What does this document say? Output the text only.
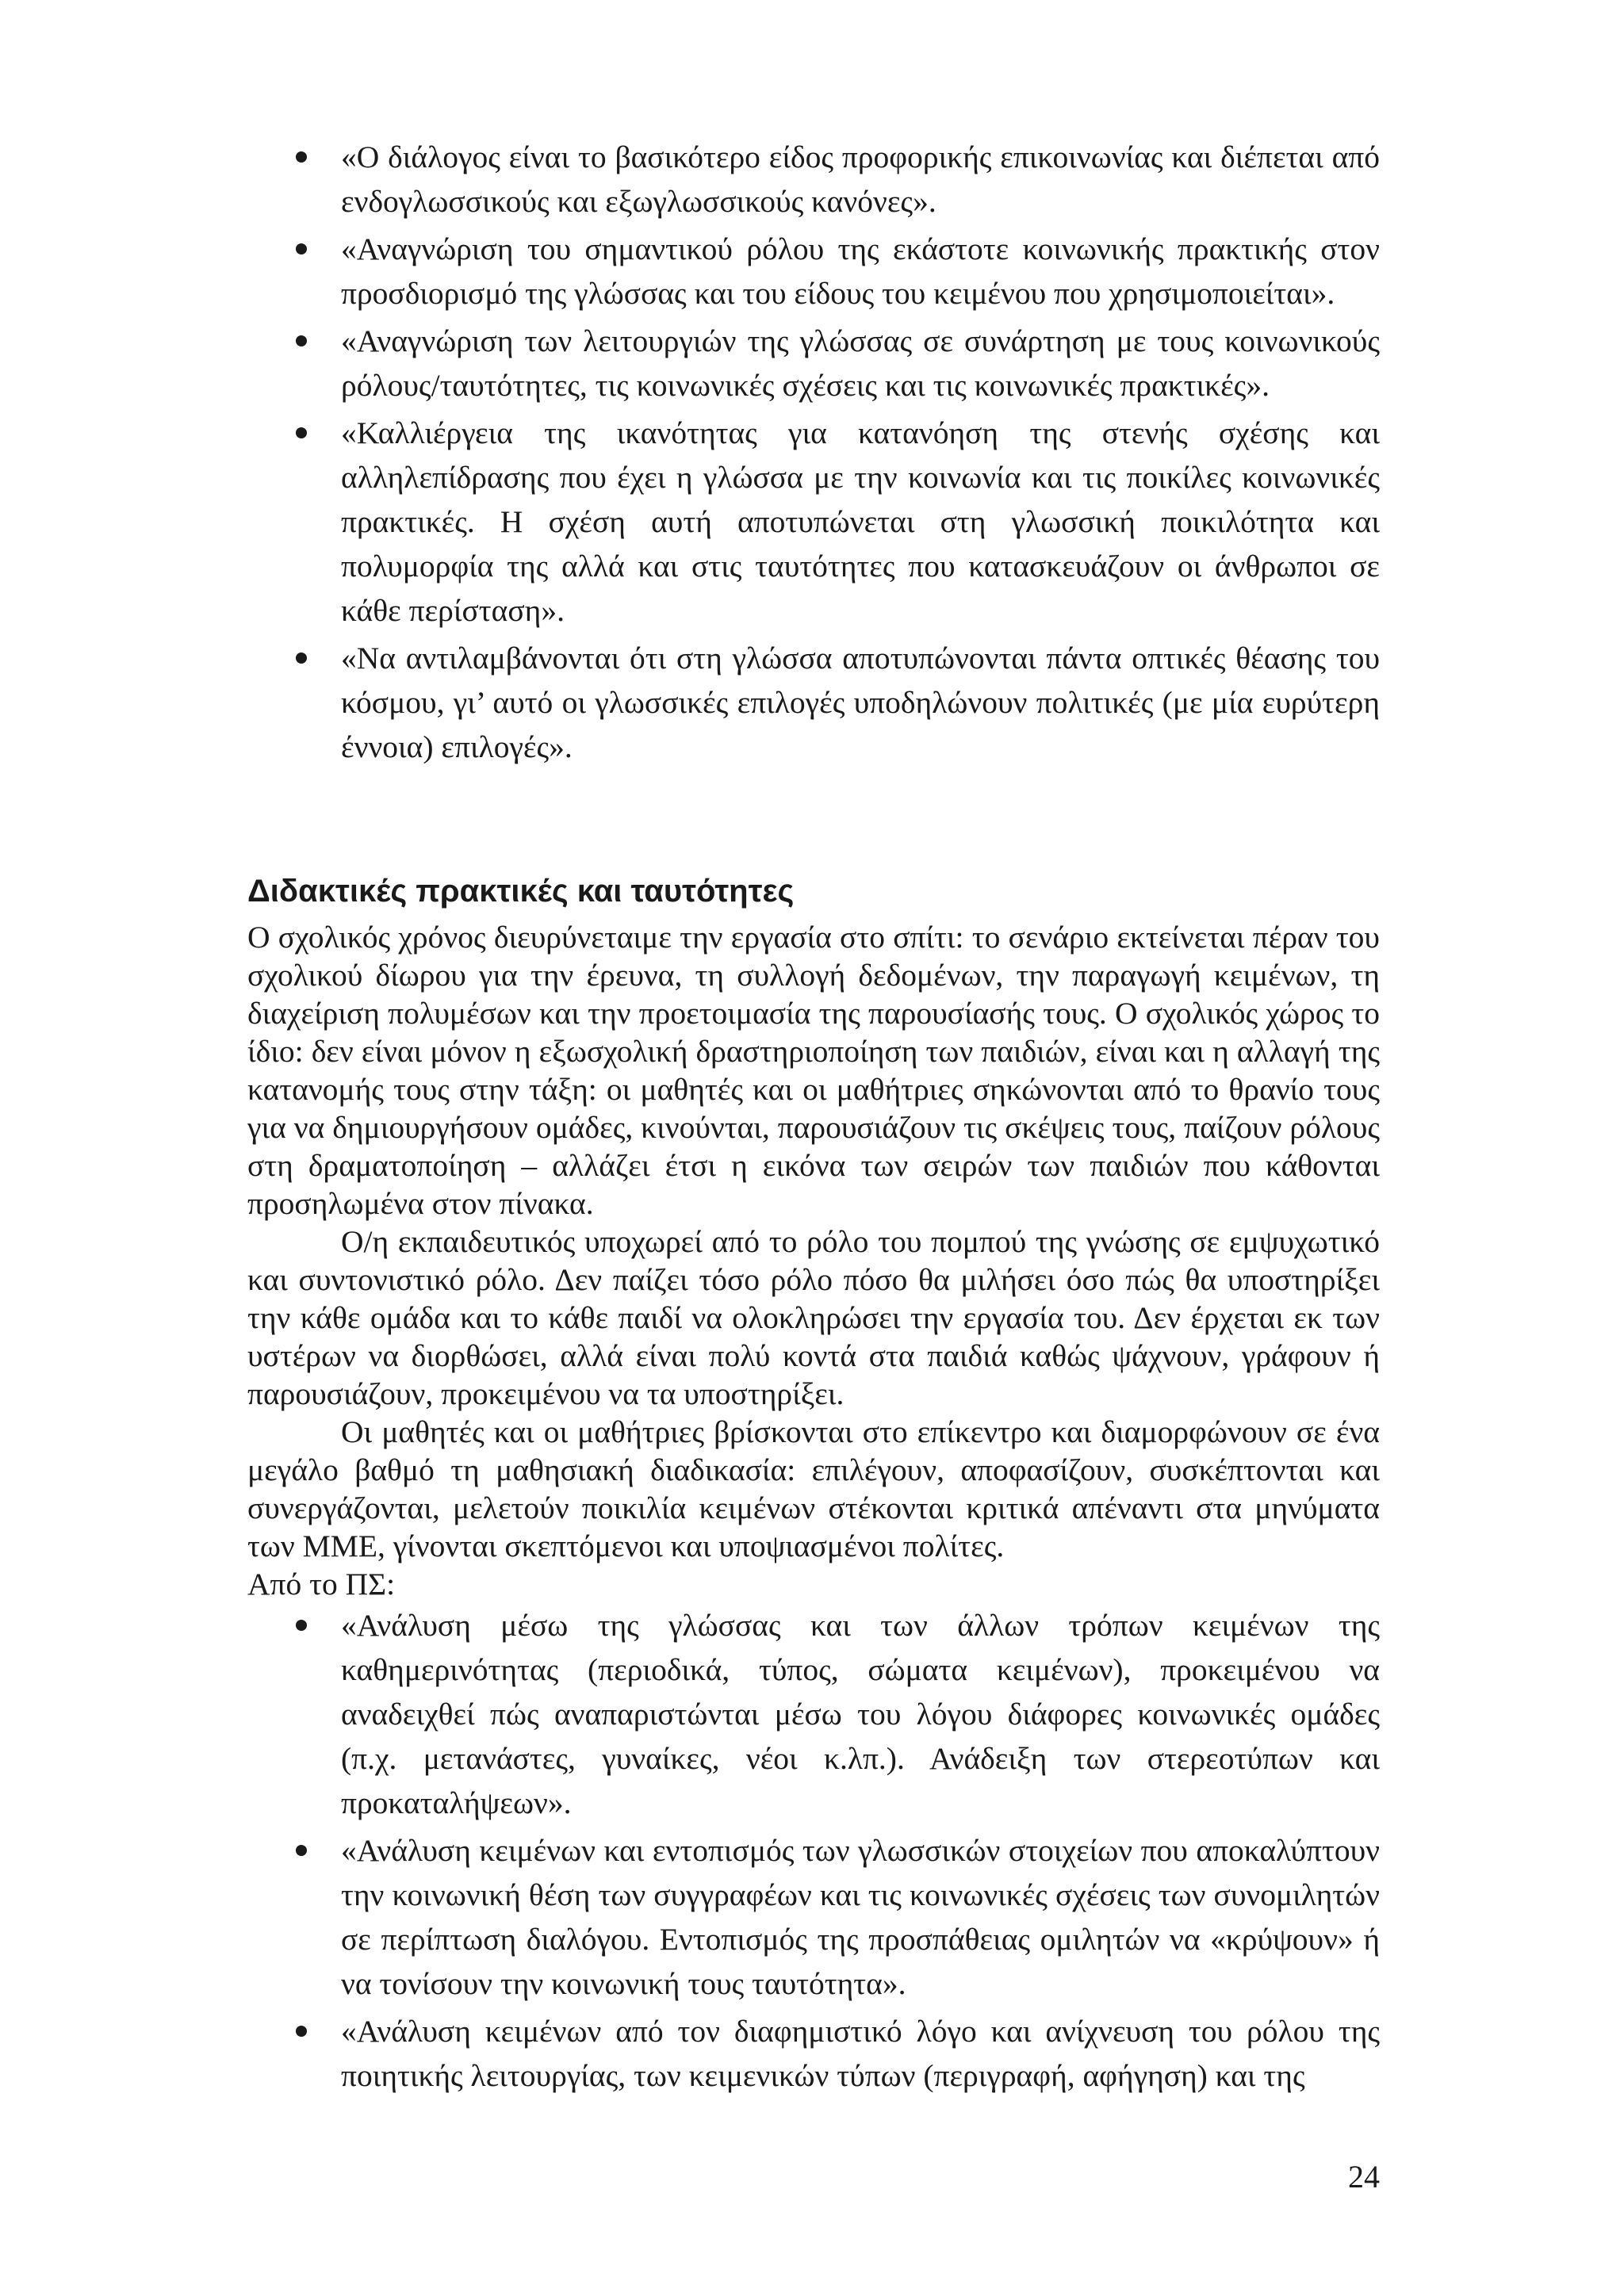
«Ο διάλογος είναι το βασικότερο είδος προφορικής επικοινωνίας και διέπεται από ενδογλωσσικούς και εξωγλωσσικούς κανόνες».
«Αναγνώριση του σημαντικού ρόλου της εκάστοτε κοινωνικής πρακτικής στον προσδιορισμό της γλώσσας και του είδους του κειμένου που χρησιμοποιείται».
«Αναγνώριση των λειτουργιών της γλώσσας σε συνάρτηση με τους κοινωνικούς ρόλους/ταυτότητες, τις κοινωνικές σχέσεις και τις κοινωνικές πρακτικές».
«Καλλιέργεια της ικανότητας για κατανόηση της στενής σχέσης και αλληλεπίδρασης που έχει η γλώσσα με την κοινωνία και τις ποικίλες κοινωνικές πρακτικές. Η σχέση αυτή αποτυπώνεται στη γλωσσική ποικιλότητα και πολυμορφία της αλλά και στις ταυτότητες που κατασκευάζουν οι άνθρωποι σε κάθε περίσταση».
«Να αντιλαμβάνονται ότι στη γλώσσα αποτυπώνονται πάντα οπτικές θέασης του κόσμου, γι’ αυτό οι γλωσσικές επιλογές υποδηλώνουν πολιτικές (με μία ευρύτερη έννοια) επιλογές».
Διδακτικές πρακτικές και ταυτότητες

Ο σχολικός χρόνος διευρύνεταιμε την εργασία στο σπίτι: το σενάριο εκτείνεται πέραν του σχολικού δίωρου για την έρευνα, τη συλλογή δεδομένων, την παραγωγή κειμένων, τη διαχείριση πολυμέσων και την προετοιμασία της παρουσίασής τους. Ο σχολικός χώρος το ίδιο: δεν είναι μόνον η εξωσχολική δραστηριοποίηση των παιδιών, είναι και η αλλαγή της κατανομής τους στην τάξη: οι μαθητές και οι μαθήτριες σηκώνονται από το θρανίο τους για να δημιουργήσουν ομάδες, κινούνται, παρουσιάζουν τις σκέψεις τους, παίζουν ρόλους στη δραματοποίηση – αλλάζει έτσι η εικόνα των σειρών των παιδιών που κάθονται προσηλωμένα στον πίνακα.

Ο/η εκπαιδευτικός υποχωρεί από το ρόλο του πομπού της γνώσης σε εμψυχωτικό και συντονιστικό ρόλο. Δεν παίζει τόσο ρόλο πόσο θα μιλήσει όσο πώς θα υποστηρίξει την κάθε ομάδα και το κάθε παιδί να ολοκληρώσει την εργασία του. Δεν έρχεται εκ των υστέρων να διορθώσει, αλλά είναι πολύ κοντά στα παιδιά καθώς ψάχνουν, γράφουν ή παρουσιάζουν, προκειμένου να τα υποστηρίξει.

Οι μαθητές και οι μαθήτριες βρίσκονται στο επίκεντρο και διαμορφώνουν σε ένα μεγάλο βαθμό τη μαθησιακή διαδικασία: επιλέγουν, αποφασίζουν, συσκέπτονται και συνεργάζονται, μελετούν ποικιλία κειμένων στέκονται κριτικά απέναντι στα μηνύματα των ΜΜΕ, γίνονται σκεπτόμενοι και υποψιασμένοι πολίτες.

Από το ΠΣ:

«Ανάλυση μέσω της γλώσσας και των άλλων τρόπων κειμένων της καθημερινότητας (περιοδικά, τύπος, σώματα κειμένων), προκειμένου να αναδειχθεί πώς αναπαριστώνται μέσω του λόγου διάφορες κοινωνικές ομάδες (π.χ. μετανάστες, γυναίκες, νέοι κ.λπ.). Ανάδειξη των στερεοτύπων και προκαταλήψεων».
«Ανάλυση κειμένων και εντοπισμός των γλωσσικών στοιχείων που αποκαλύπτουν την κοινωνική θέση των συγγραφέων και τις κοινωνικές σχέσεις των συνομιλητών σε περίπτωση διαλόγου. Εντοπισμός της προσπάθειας ομιλητών να «κρύψουν» ή να τονίσουν την κοινωνική τους ταυτότητα».
«Ανάλυση κειμένων από τον διαφημιστικό λόγο και ανίχνευση του ρόλου της ποιητικής λειτουργίας, των κειμενικών τύπων (περιγραφή, αφήγηση) και της
24
